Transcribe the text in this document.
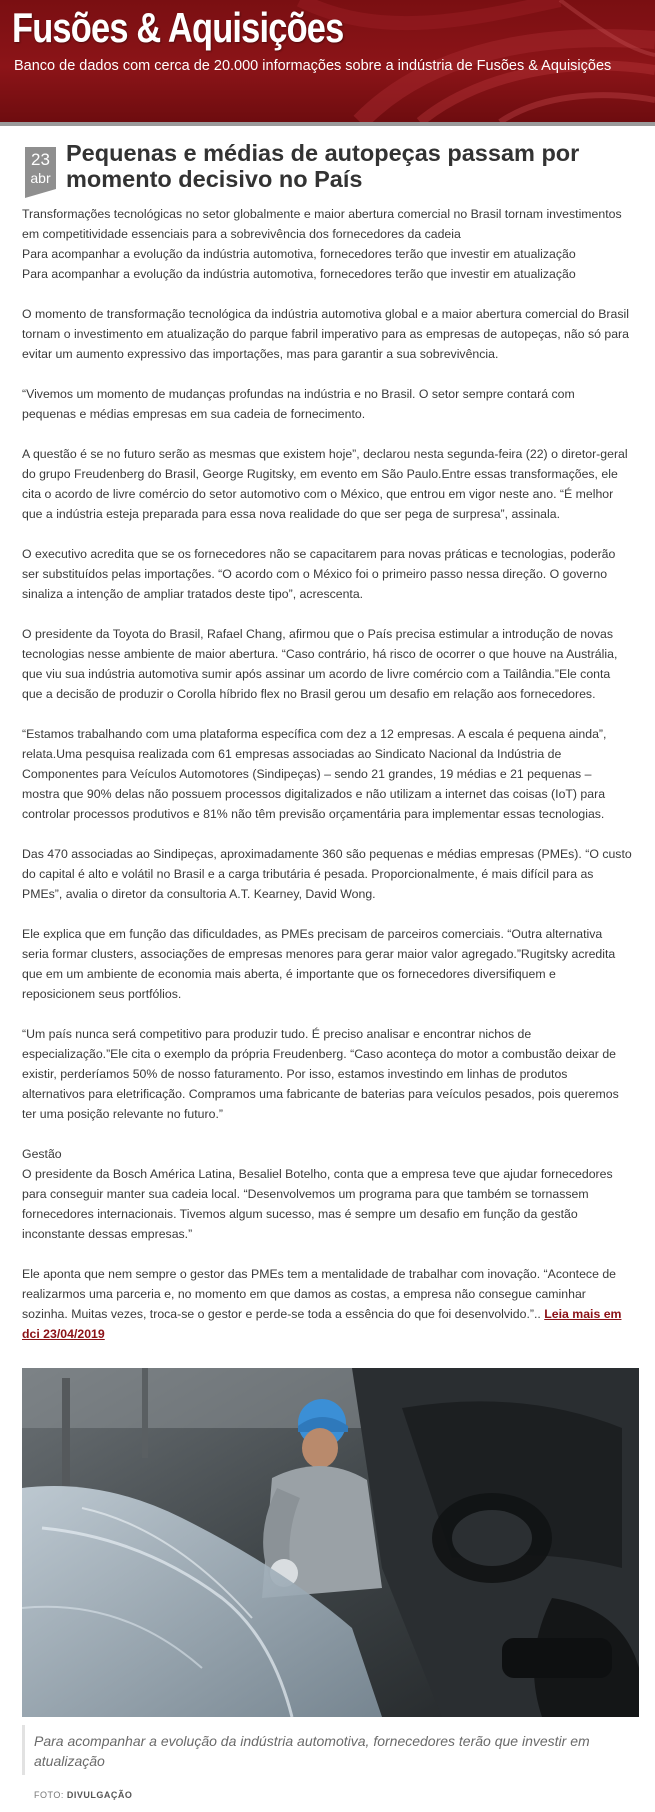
Fusões & Aquisições
Banco de dados com cerca de 20.000 informações sobre a indústria de Fusões & Aquisições
23
abr
Pequenas e médias de autopeças passam por momento decisivo no País

Transformações tecnológicas no setor globalmente e maior abertura comercial no Brasil tornam investimentos em competitividade essenciais para a sobrevivência dos fornecedores da cadeia
Para acompanhar a evolução da indústria automotiva, fornecedores terão que investir em atualização
Para acompanhar a evolução da indústria automotiva, fornecedores terão que investir em atualização

O momento de transformação tecnológica da indústria automotiva global e a maior abertura comercial do Brasil tornam o investimento em atualização do parque fabril imperativo para as empresas de autopeças, não só para evitar um aumento expressivo das importações, mas para garantir a sua sobrevivência.

“Vivemos um momento de mudanças profundas na indústria e no Brasil. O setor sempre contará com pequenas e médias empresas em sua cadeia de fornecimento.

A questão é se no futuro serão as mesmas que existem hoje”, declarou nesta segunda-feira (22) o diretor-geral do grupo Freudenberg do Brasil, George Rugitsky, em evento em São Paulo.Entre essas transformações, ele cita o acordo de livre comércio do setor automotivo com o México, que entrou em vigor neste ano. “É melhor que a indústria esteja preparada para essa nova realidade do que ser pega de surpresa”, assinala.

O executivo acredita que se os fornecedores não se capacitarem para novas práticas e tecnologias, poderão ser substituídos pelas importações. “O acordo com o México foi o primeiro passo nessa direção. O governo sinaliza a intenção de ampliar tratados deste tipo”, acrescenta.

O presidente da Toyota do Brasil, Rafael Chang, afirmou que o País precisa estimular a introdução de novas tecnologias nesse ambiente de maior abertura. “Caso contrário, há risco de ocorrer o que houve na Austrália, que viu sua indústria automotiva sumir após assinar um acordo de livre comércio com a Tailândia.”Ele conta que a decisão de produzir o Corolla híbrido flex no Brasil gerou um desafio em relação aos fornecedores.

“Estamos trabalhando com uma plataforma específica com dez a 12 empresas. A escala é pequena ainda”, relata.Uma pesquisa realizada com 61 empresas associadas ao Sindicato Nacional da Indústria de Componentes para Veículos Automotores (Sindipeças) – sendo 21 grandes, 19 médias e 21 pequenas – mostra que 90% delas não possuem processos digitalizados e não utilizam a internet das coisas (IoT) para controlar processos produtivos e 81% não têm previsão orçamentária para implementar essas tecnologias.

Das 470 associadas ao Sindipeças, aproximadamente 360 são pequenas e médias empresas (PMEs). “O custo do capital é alto e volátil no Brasil e a carga tributária é pesada. Proporcionalmente, é mais difícil para as PMEs”, avalia o diretor da consultoria A.T. Kearney, David Wong.

Ele explica que em função das dificuldades, as PMEs precisam de parceiros comerciais. “Outra alternativa seria formar clusters, associações de empresas menores para gerar maior valor agregado.”Rugitsky acredita que em um ambiente de economia mais aberta, é importante que os fornecedores diversifiquem e reposicionem seus portfólios.

“Um país nunca será competitivo para produzir tudo. É preciso analisar e encontrar nichos de especialização.”Ele cita o exemplo da própria Freudenberg. “Caso aconteça do motor a combustão deixar de existir, perderíamos 50% de nosso faturamento. Por isso, estamos investindo em linhas de produtos alternativos para eletrificação. Compramos uma fabricante de baterias para veículos pesados, pois queremos ter uma posição relevante no futuro.”

Gestão
O presidente da Bosch América Latina, Besaliel Botelho, conta que a empresa teve que ajudar fornecedores para conseguir manter sua cadeia local. “Desenvolvemos um programa para que também se tornassem fornecedores internacionais. Tivemos algum sucesso, mas é sempre um desafio em função da gestão inconstante dessas empresas.”

Ele aponta que nem sempre o gestor das PMEs tem a mentalidade de trabalhar com inovação. “Acontece de realizarmos uma parceria e, no momento em que damos as costas, a empresa não consegue caminhar sozinha. Muitas vezes, troca-se o gestor e perde-se toda a essência do que foi desenvolvido.”.. Leia mais em dci 23/04/2019

Para acompanhar a evolução da indústria automotiva, fornecedores terão que investir em atualização
FOTO: DIVULGAÇÃO
